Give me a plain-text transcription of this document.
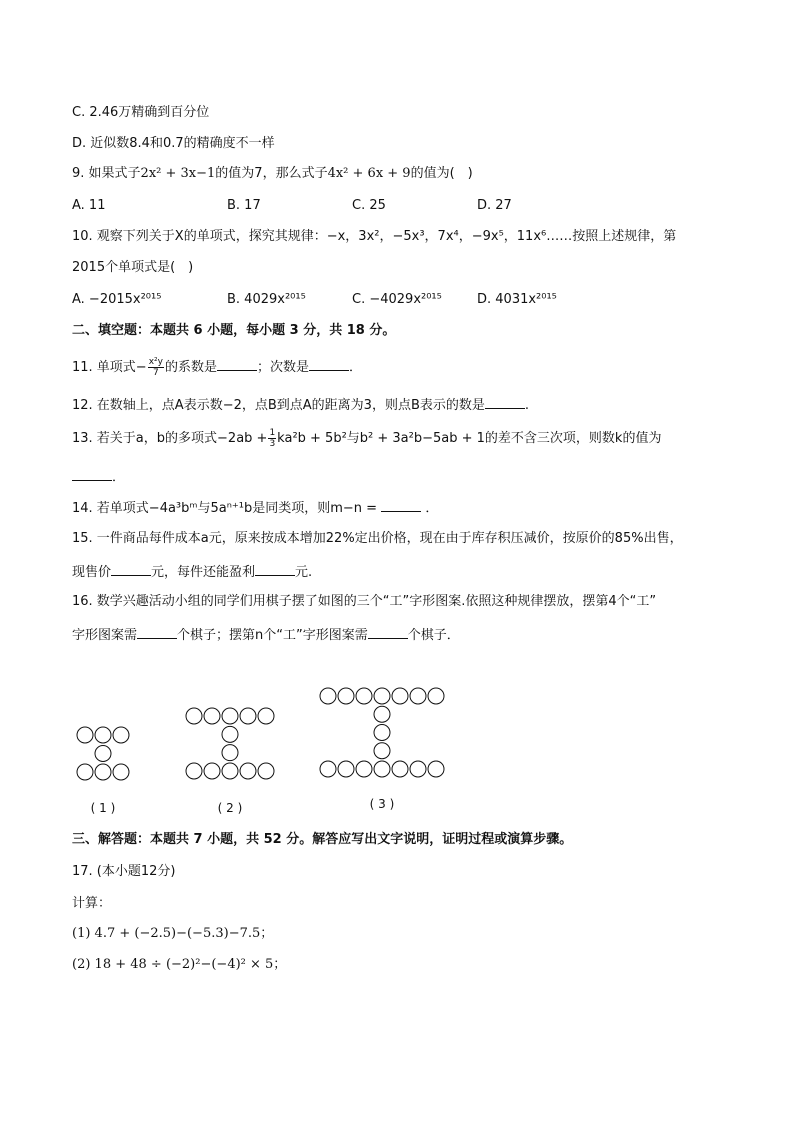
C. 2.46万精确到百分位
D. 近似数8.4和0.7的精确度不一样
9. 如果式子2x² + 3x−1的值为7，那么式子4x² + 6x + 9的值为(　)
A. 11	B. 17	C. 25	D. 27
10. 观察下列关于X的单项式，探究其规律：−x，3x²，−5x³，7x⁴，−9x⁵，11x⁶……按照上述规律，第
2015个单项式是(　)
A. −2015x²⁰¹⁵	B. 4029x²⁰¹⁵	C. −4029x²⁰¹⁵	D. 4031x²⁰¹⁵
二、填空题：本题共 6 小题，每小题 3 分，共 18 分。
11. 单项式− $\frac{\text{x²y}}{7}$ 的系数是	；次数是	．
12. 在数轴上，点A表示数−2，点B到点A的距离为3，则点B表示的数是	.
13. 若关于a，b的多项式$-2ab + \frac{1}{3} ka^2b + 5b^2$与b² + 3a²b−5ab + 1的差不含三次项，则数k的值为
．
14. 若单项式−4a³bᵐ与5aⁿ⁺¹b是同类项，则m−n =	．
15. 一件商品每件成本a元，原来按成本增加22%定出价格，现在由于库存积压减价，按原价的85%出售，
现售价	元，每件还能盈利	元.
16. 数学兴趣活动小组的同学们用棋子摆了如图的三个“工”字形图案.依照这种规律摆放，摆第4个“工”
字形图案需	个棋子；摆第n个“工”字形图案需	个棋子．
( 1 )	( 2 )	( 3 )
三、解答题：本题共 7 小题，共 52 分。解答应写出文字说明，证明过程或演算步骤。
17. (本小题12分)
计算：
(1) 4.7 + (−2.5)−(−5.3)−7.5；
(2) 18 + 48 ÷ (−2)²−(−4)² × 5；
